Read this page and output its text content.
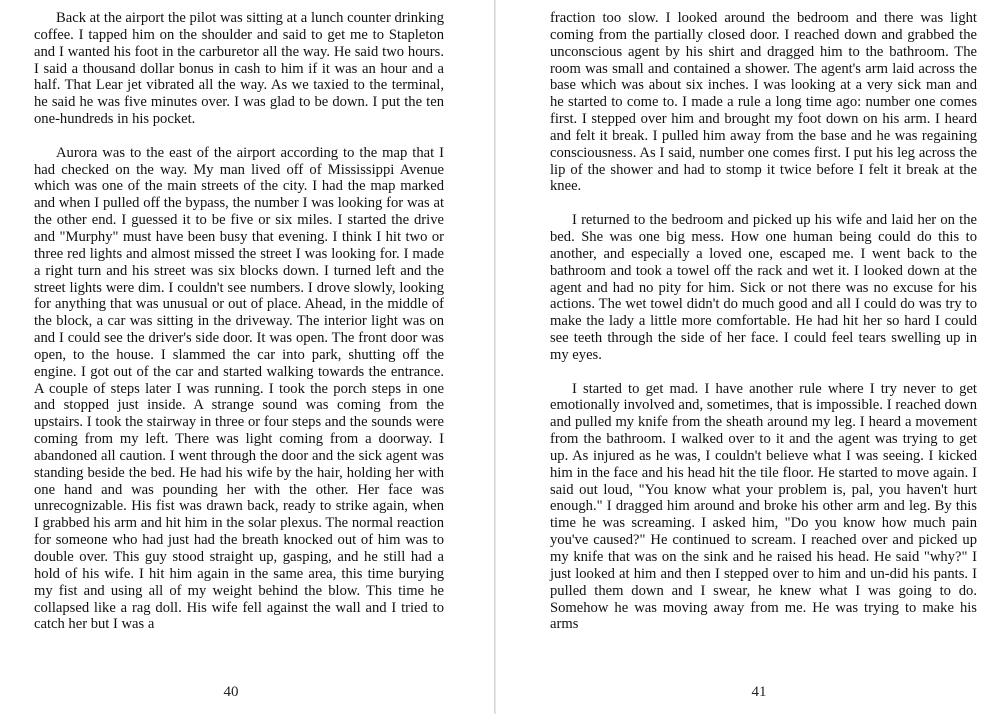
Back at the airport the pilot was sitting at a lunch counter drinking coffee. I tapped him on the shoulder and said to get me to Stapleton and I wanted his foot in the carburetor all the way. He said two hours. I said a thousand dollar bonus in cash to him if it was an hour and a half. That Lear jet vibrated all the way. As we taxied to the terminal, he said he was five minutes over. I was glad to be down. I put the ten one-hundreds in his pocket.

Aurora was to the east of the airport according to the map that I had checked on the way. My man lived off of Mississippi Avenue which was one of the main streets of the city. I had the map marked and when I pulled off the bypass, the number I was looking for was at the other end. I guessed it to be five or six miles. I started the drive and "Murphy" must have been busy that evening. I think I hit two or three red lights and almost missed the street I was looking for. I made a right turn and his street was six blocks down. I turned left and the street lights were dim. I couldn't see numbers. I drove slowly, looking for anything that was unusual or out of place. Ahead, in the middle of the block, a car was sitting in the driveway. The interior light was on and I could see the driver's side door. It was open. The front door was open, to the house. I slammed the car into park, shutting off the engine. I got out of the car and started walking towards the entrance. A couple of steps later I was running. I took the porch steps in one and stopped just inside. A strange sound was coming from the upstairs. I took the stairway in three or four steps and the sounds were coming from my left. There was light coming from a doorway. I abandoned all caution. I went through the door and the sick agent was standing beside the bed. He had his wife by the hair, holding her with one hand and was pounding her with the other. Her face was unrecognizable. His fist was drawn back, ready to strike again, when I grabbed his arm and hit him in the solar plexus. The normal reaction for someone who had just had the breath knocked out of him was to double over. This guy stood straight up, gasping, and he still had a hold of his wife. I hit him again in the same area, this time burying my fist and using all of my weight behind the blow. This time he collapsed like a rag doll. His wife fell against the wall and I tried to catch her but I was a

40

fraction too slow. I looked around the bedroom and there was light coming from the partially closed door. I reached down and grabbed the unconscious agent by his shirt and dragged him to the bathroom. The room was small and contained a shower. The agent's arm laid across the base which was about six inches. I was looking at a very sick man and he started to come to. I made a rule a long time ago: number one comes first. I stepped over him and brought my foot down on his arm. I heard and felt it break. I pulled him away from the base and he was regaining consciousness. As I said, number one comes first. I put his leg across the lip of the shower and had to stomp it twice before I felt it break at the knee.

I returned to the bedroom and picked up his wife and laid her on the bed. She was one big mess. How one human being could do this to another, and especially a loved one, escaped me. I went back to the bathroom and took a towel off the rack and wet it. I looked down at the agent and had no pity for him. Sick or not there was no excuse for his actions. The wet towel didn't do much good and all I could do was try to make the lady a little more comfortable. He had hit her so hard I could see teeth through the side of her face. I could feel tears swelling up in my eyes.

I started to get mad. I have another rule where I try never to get emotionally involved and, sometimes, that is impossible. I reached down and pulled my knife from the sheath around my leg. I heard a movement from the bathroom. I walked over to it and the agent was trying to get up. As injured as he was, I couldn't believe what I was seeing. I kicked him in the face and his head hit the tile floor. He started to move again. I said out loud, "You know what your problem is, pal, you haven't hurt enough." I dragged him around and broke his other arm and leg. By this time he was screaming. I asked him, "Do you know how much pain you've caused?" He continued to scream. I reached over and picked up my knife that was on the sink and he raised his head. He said "why?" I just looked at him and then I stepped over to him and un-did his pants. I pulled them down and I swear, he knew what I was going to do. Somehow he was moving away from me. He was trying to make his arms

41
